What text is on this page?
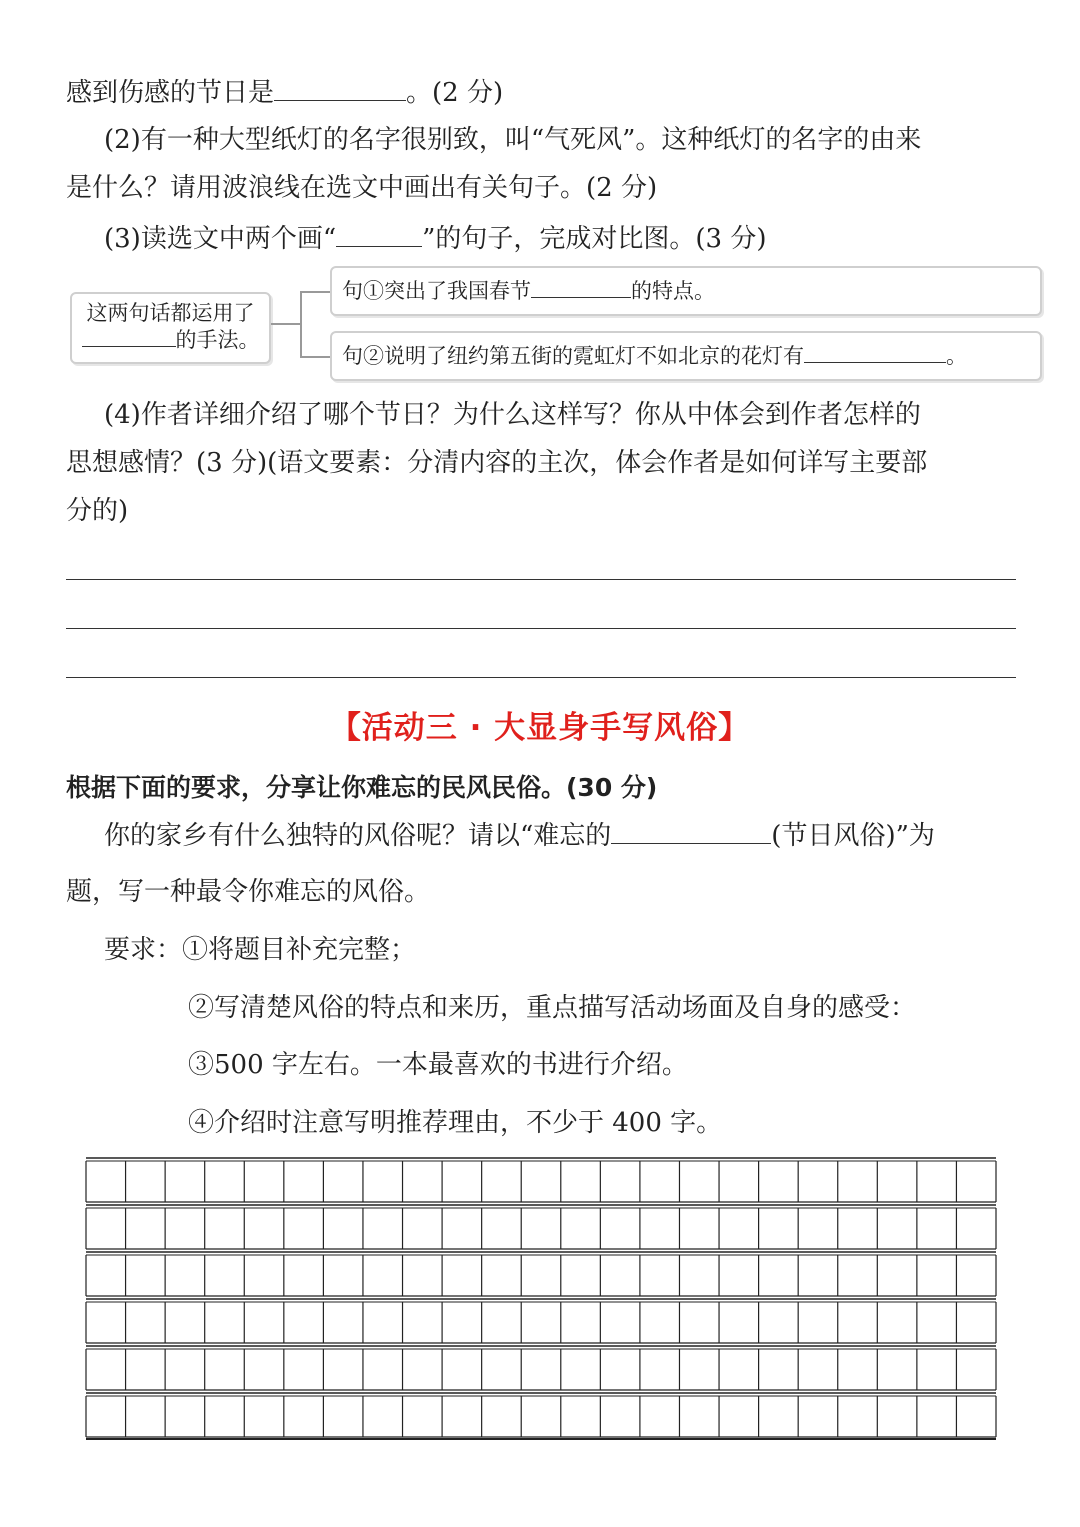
感到伤感的节日是	。(2 分)
(2)有一种大型纸灯的名字很别致，叫“气死风”。这种纸灯的名字的由来
是什么？请用波浪线在选文中画出有关句子。(2 分)
(3)读选文中两个画“	”的句子，完成对比图。(3 分)
这两句话都运用了
的手法。
句①突出了我国春节	的特点。
句②说明了纽约第五街的霓虹灯不如北京的花灯有	。
(4)作者详细介绍了哪个节日？为什么这样写？你从中体会到作者怎样的
思想感情？(3 分)(语文要素：分清内容的主次，体会作者是如何详写主要部
分的)
【活动三 · 大显身手写风俗】
根据下面的要求，分享让你难忘的民风民俗。(30 分)
你的家乡有什么独特的风俗呢？请以“难忘的	(节日风俗)”为
题，写一种最令你难忘的风俗。
要求：①将题目补充完整；
②写清楚风俗的特点和来历，重点描写活动场面及自身的感受：
③500 字左右。一本最喜欢的书进行介绍。
④介绍时注意写明推荐理由，不少于 400 字。
